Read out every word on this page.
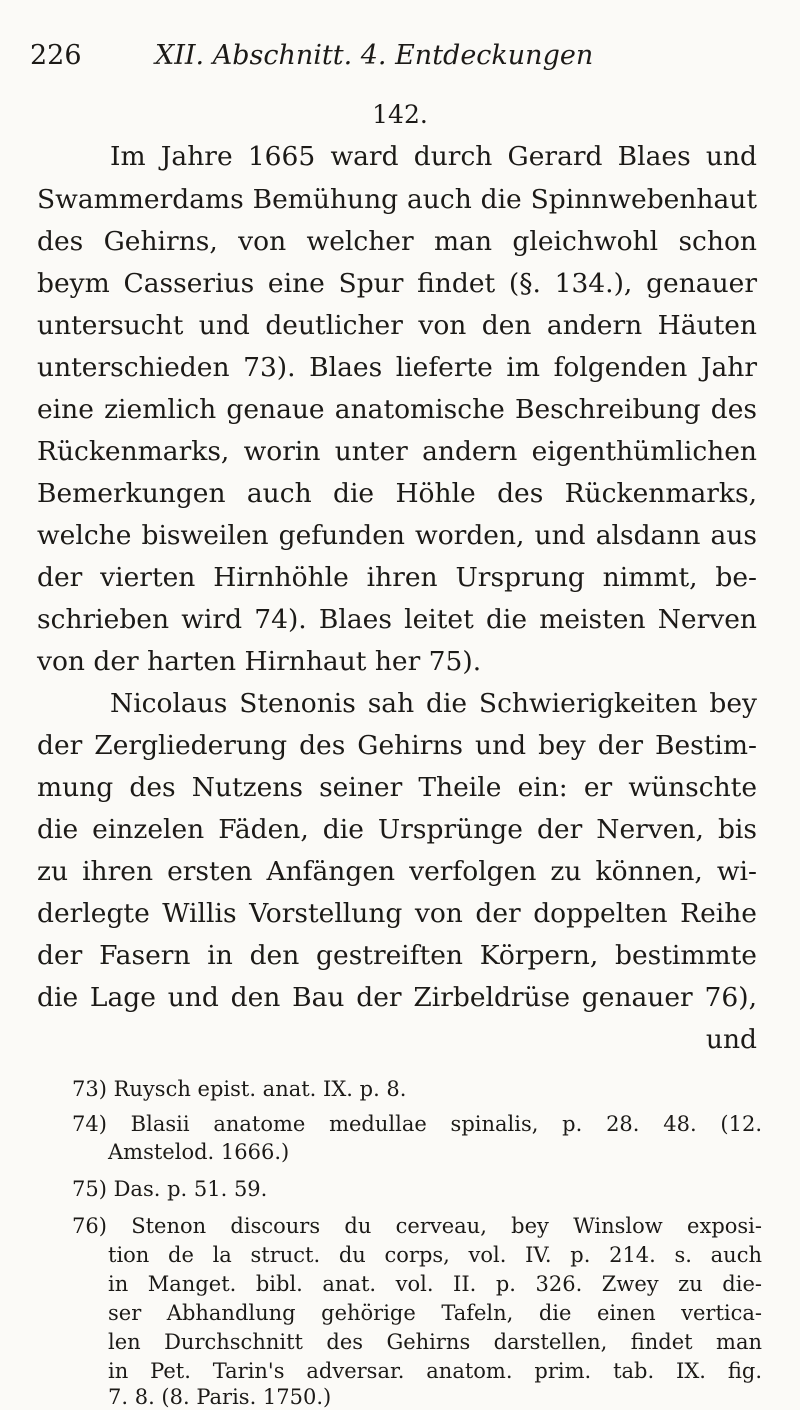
226	XII. Abschnitt. 4. Entdeckungen
142.
Im Jahre 1665 ward durch Gerard Blaes und
Swammerdams Bemühung auch die Spinnwebenhaut
des Gehirns, von welcher man gleichwohl schon
beym Casserius eine Spur findet (§. 134.), genauer
untersucht und deutlicher von den andern Häuten
unterschieden 73). Blaes lieferte im folgenden Jahr
eine ziemlich genaue anatomische Beschreibung des
Rückenmarks, worin unter andern eigenthümlichen
Bemerkungen auch die Höhle des Rückenmarks,
welche bisweilen gefunden worden, und alsdann aus
der vierten Hirnhöhle ihren Ursprung nimmt, be-
schrieben wird 74). Blaes leitet die meisten Nerven
von der harten Hirnhaut her 75).
Nicolaus Stenonis sah die Schwierigkeiten bey
der Zergliederung des Gehirns und bey der Bestim-
mung des Nutzens seiner Theile ein: er wünschte
die einzelen Fäden, die Ursprünge der Nerven, bis
zu ihren ersten Anfängen verfolgen zu können, wi-
derlegte Willis Vorstellung von der doppelten Reihe
der Fasern in den gestreiften Körpern, bestimmte
die Lage und den Bau der Zirbeldrüse genauer 76),
und
73) Ruysch epist. anat. IX. p. 8.
74) Blasii anatome medullae spinalis, p. 28. 48. (12.
Amstelod. 1666.)
75) Das. p. 51. 59.
76) Stenon discours du cerveau, bey Winslow exposi-
tion de la struct. du corps, vol. IV. p. 214. s. auch
in Manget. bibl. anat. vol. II. p. 326. Zwey zu die-
ser Abhandlung gehörige Tafeln, die einen vertica-
len Durchschnitt des Gehirns darstellen, findet man
in Pet. Tarin's adversar. anatom. prim. tab. IX. fig.
7. 8. (8. Paris. 1750.)
